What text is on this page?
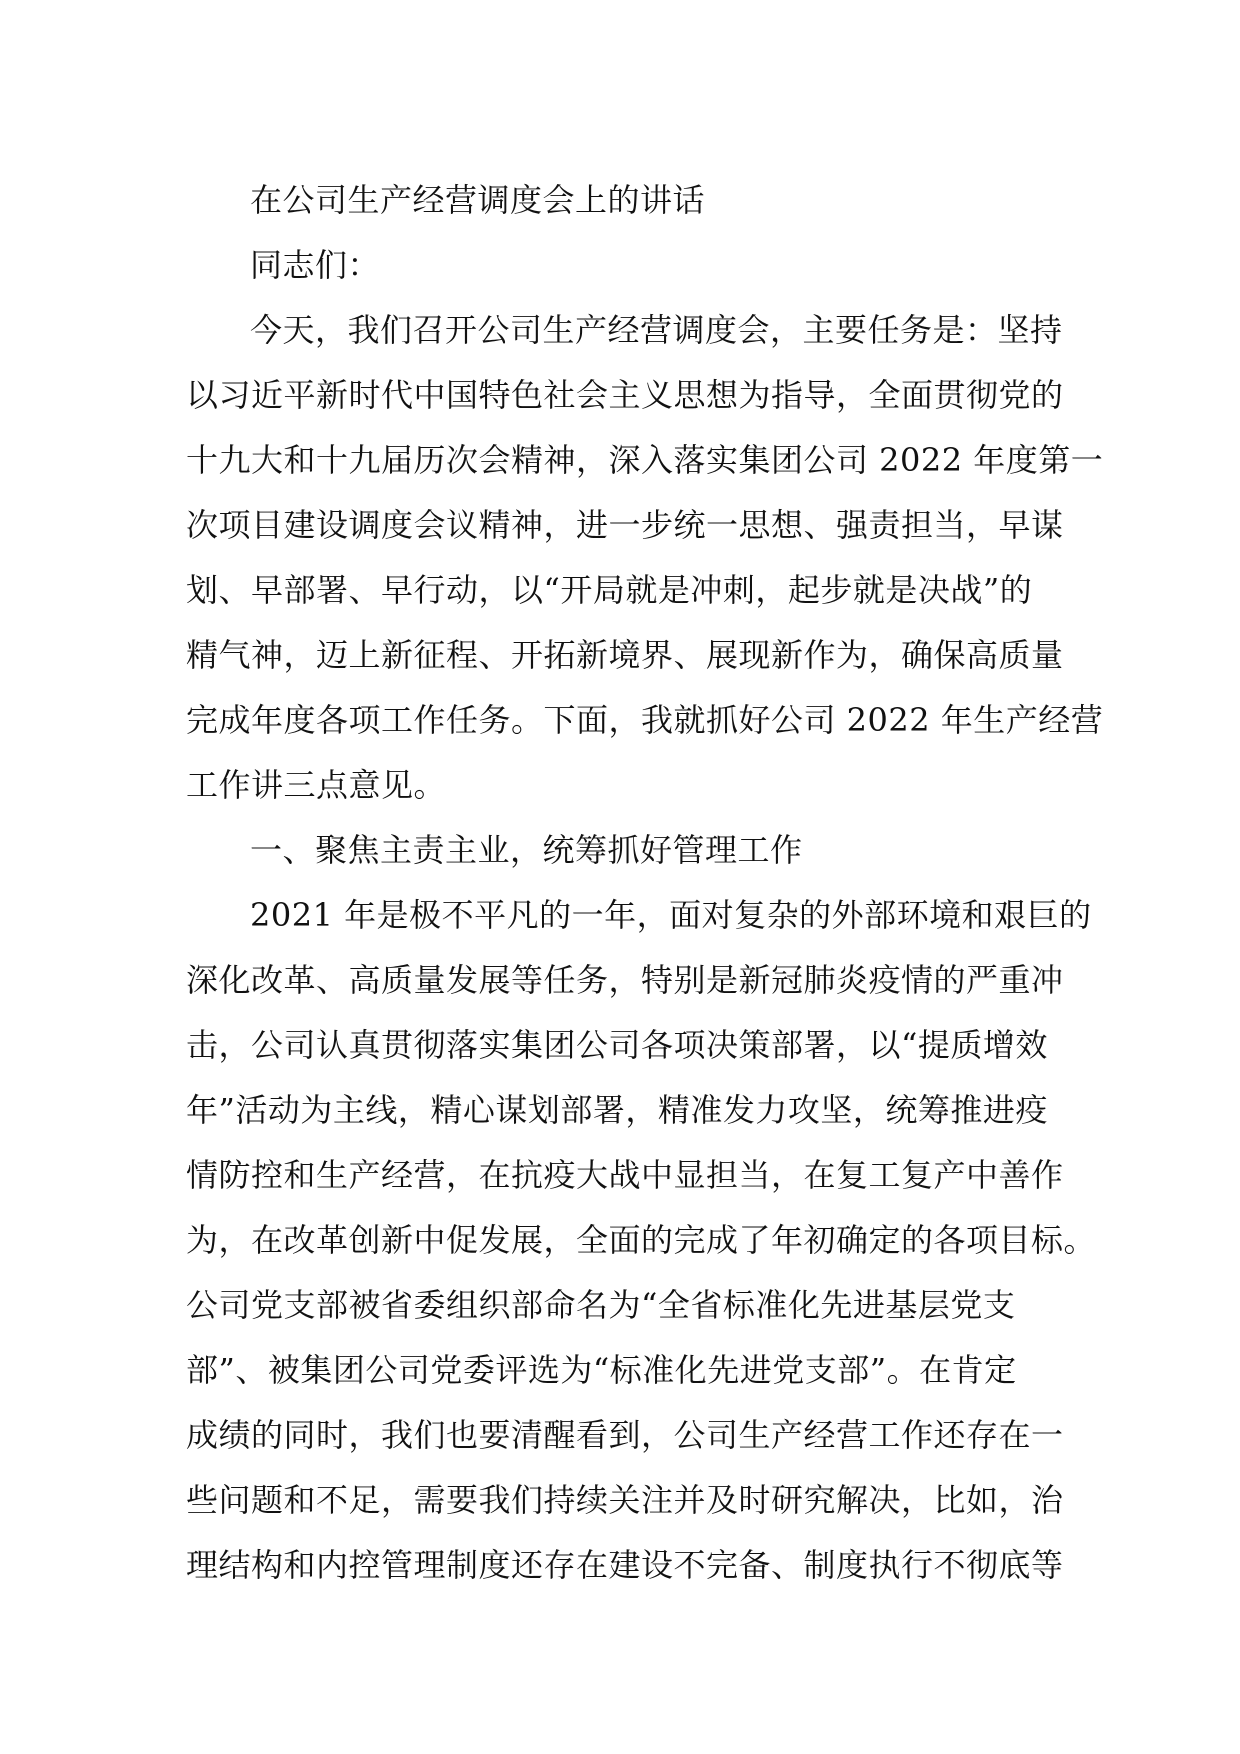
在公司生产经营调度会上的讲话
同志们：
今天，我们召开公司生产经营调度会，主要任务是：坚持
以习近平新时代中国特色社会主义思想为指导，全面贯彻党的
十九大和十九届历次会精神，深入落实集团公司 2022 年度第一
次项目建设调度会议精神，进一步统一思想、强责担当，早谋
划、早部署、早行动，以“开局就是冲刺，起步就是决战”的
精气神，迈上新征程、开拓新境界、展现新作为，确保高质量
完成年度各项工作任务。下面，我就抓好公司 2022 年生产经营
工作讲三点意见。
一、聚焦主责主业，统筹抓好管理工作
2021 年是极不平凡的一年，面对复杂的外部环境和艰巨的
深化改革、高质量发展等任务，特别是新冠肺炎疫情的严重冲
击，公司认真贯彻落实集团公司各项决策部署，以“提质增效
年”活动为主线，精心谋划部署，精准发力攻坚，统筹推进疫
情防控和生产经营，在抗疫大战中显担当，在复工复产中善作
为，在改革创新中促发展，全面的完成了年初确定的各项目标。
公司党支部被省委组织部命名为“全省标准化先进基层党支
部”、被集团公司党委评选为“标准化先进党支部”。在肯定
成绩的同时，我们也要清醒看到，公司生产经营工作还存在一
些问题和不足，需要我们持续关注并及时研究解决，比如，治
理结构和内控管理制度还存在建设不完备、制度执行不彻底等
